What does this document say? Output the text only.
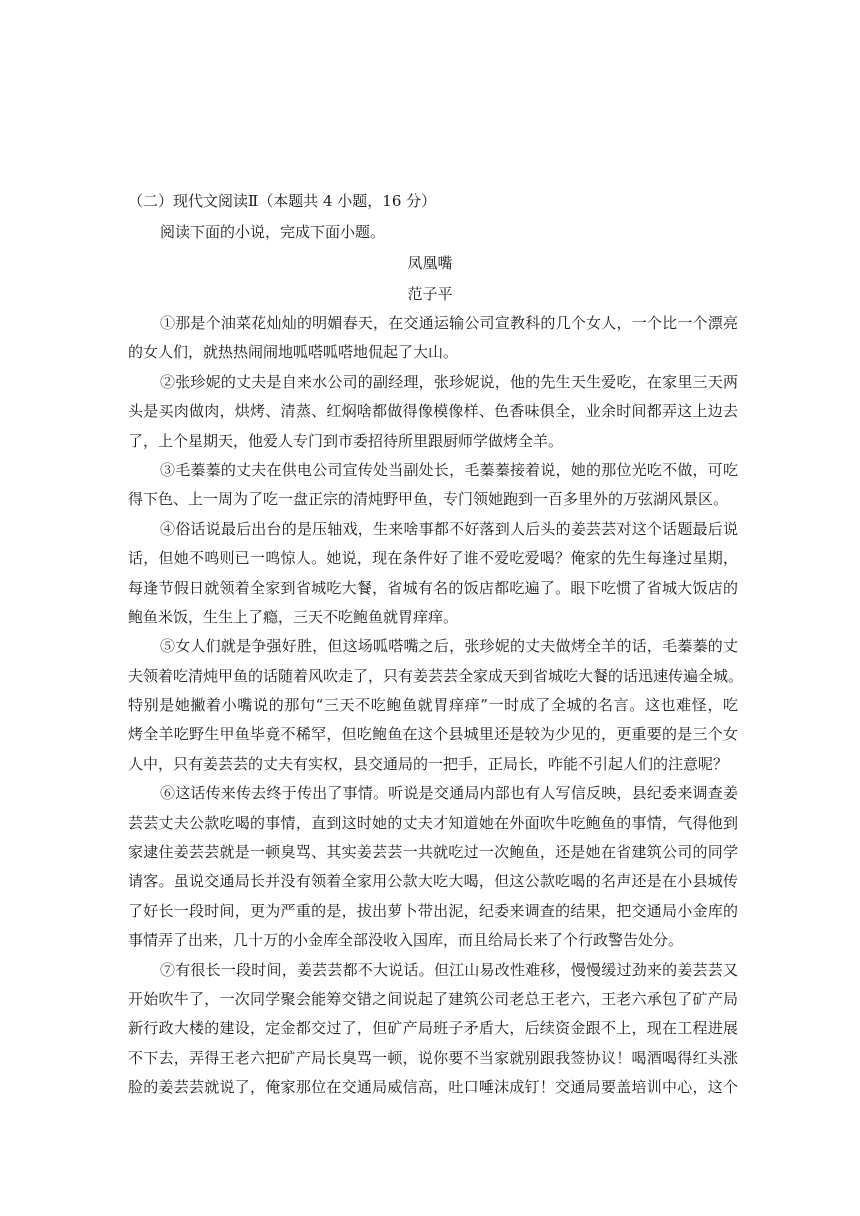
（二）现代文阅读Ⅱ（本题共 4 小题，16 分）
阅读下面的小说，完成下面小题。
凤凰嘴
范子平
①那是个油菜花灿灿的明媚春天，在交通运输公司宣教科的几个女人，一个比一个漂亮
的女人们，就热热闹闹地呱嗒呱嗒地侃起了大山。
②张珍妮的丈夫是自来水公司的副经理，张珍妮说，他的先生天生爱吃，在家里三天两
头是买肉做肉，烘烤、清蒸、红焖啥都做得像模像样、色香味俱全，业余时间都弄这上边去
了，上个星期天，他爱人专门到市委招待所里跟厨师学做烤全羊。
③毛蓁蓁的丈夫在供电公司宣传处当副处长，毛蓁蓁接着说，她的那位光吃不做，可吃
得下色、上一周为了吃一盘正宗的清炖野甲鱼，专门领她跑到一百多里外的万弦湖风景区。
④俗话说最后出台的是压轴戏，生来啥事都不好落到人后头的姜芸芸对这个话题最后说
话，但她不鸣则已一鸣惊人。她说，现在条件好了谁不爱吃爱喝？俺家的先生每逢过星期，
每逢节假日就领着全家到省城吃大餐，省城有名的饭店都吃遍了。眼下吃惯了省城大饭店的
鲍鱼米饭，生生上了瘾，三天不吃鲍鱼就胃痒痒。
⑤女人们就是争强好胜，但这场呱嗒嘴之后，张珍妮的丈夫做烤全羊的话，毛蓁蓁的丈
夫领着吃清炖甲鱼的话随着风吹走了，只有姜芸芸全家成天到省城吃大餐的话迅速传遍全城。
特别是她撇着小嘴说的那句“三天不吃鲍鱼就胃痒痒”一时成了全城的名言。这也难怪，吃
烤全羊吃野生甲鱼毕竟不稀罕，但吃鲍鱼在这个县城里还是较为少见的，更重要的是三个女
人中，只有姜芸芸的丈夫有实权，县交通局的一把手，正局长，咋能不引起人们的注意呢？
⑥这话传来传去终于传出了事情。听说是交通局内部也有人写信反映，县纪委来调查姜
芸芸丈夫公款吃喝的事情，直到这时她的丈夫才知道她在外面吹牛吃鲍鱼的事情，气得他到
家逮住姜芸芸就是一顿臭骂、其实姜芸芸一共就吃过一次鲍鱼，还是她在省建筑公司的同学
请客。虽说交通局长并没有领着全家用公款大吃大喝，但这公款吃喝的名声还是在小县城传
了好长一段时间，更为严重的是，拔出萝卜带出泥，纪委来调查的结果，把交通局小金库的
事情弄了出来，几十万的小金库全部没收入国库，而且给局长来了个行政警告处分。
⑦有很长一段时间，姜芸芸都不大说话。但江山易改性难移，慢慢缓过劲来的姜芸芸又
开始吹牛了，一次同学聚会能筹交错之间说起了建筑公司老总王老六，王老六承包了矿产局
新行政大楼的建设，定金都交过了，但矿产局班子矛盾大，后续资金跟不上，现在工程进展
不下去，弄得王老六把矿产局长臭骂一顿，说你要不当家就别跟我签协议！喝酒喝得红头涨
脸的姜芸芸就说了，俺家那位在交通局威信高，吐口唾沫成钉！交通局要盖培训中心，这个
